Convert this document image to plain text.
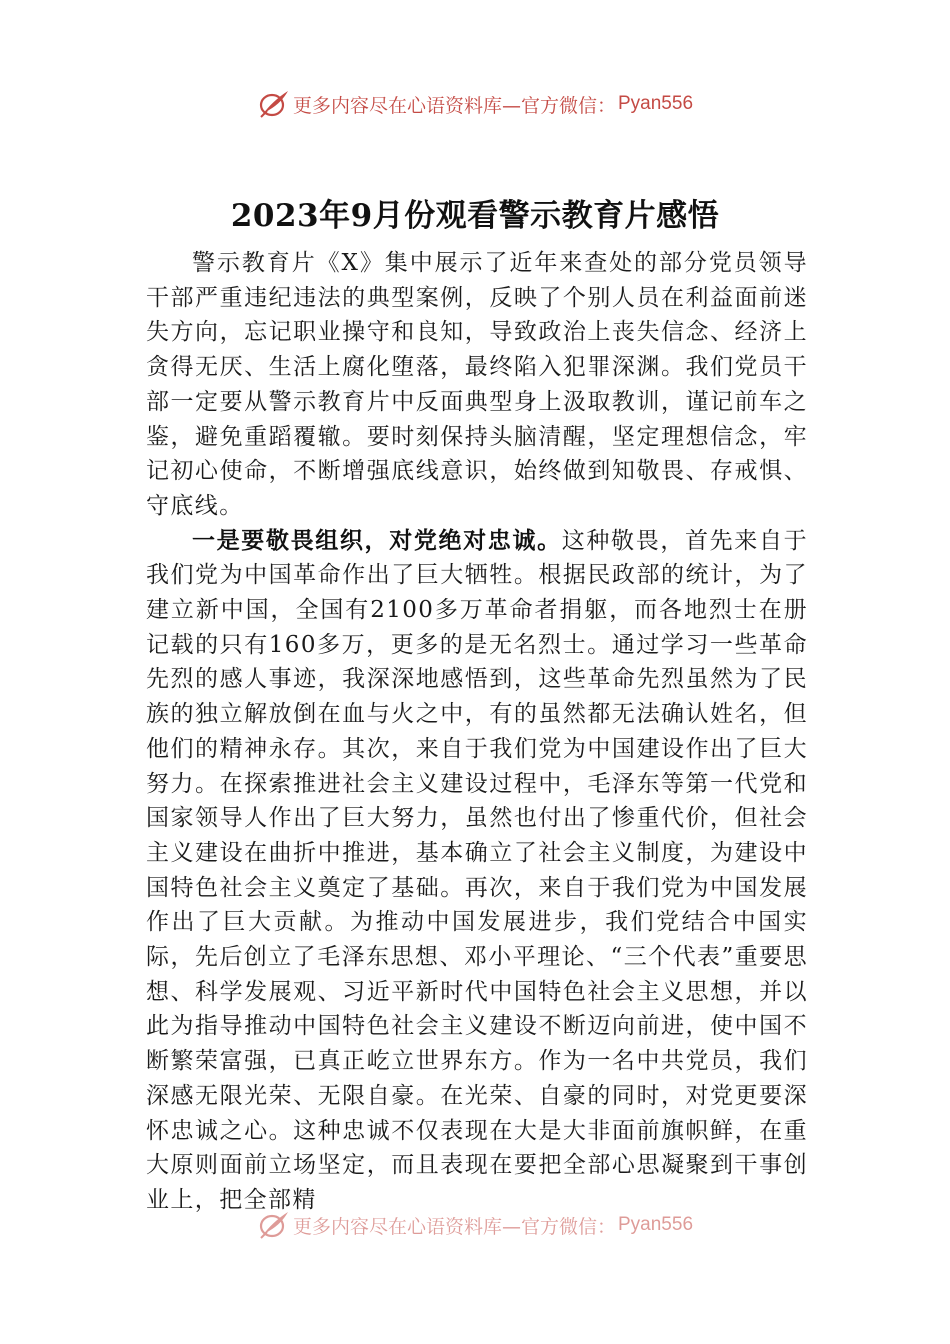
更多内容尽在心语资料库—官方微信： Pyan556
2023年9月份观看警示教育片感悟

警示教育片《X》集中展示了近年来查处的部分党员领导干部严重违纪违法的典型案例，反映了个别人员在利益面前迷失方向，忘记职业操守和良知，导致政治上丧失信念、经济上贪得无厌、生活上腐化堕落，最终陷入犯罪深渊。我们党员干部一定要从警示教育片中反面典型身上汲取教训，谨记前车之鉴，避免重蹈覆辙。要时刻保持头脑清醒，坚定理想信念，牢记初心使命，不断增强底线意识，始终做到知敬畏、存戒惧、守底线。

一是要敬畏组织，对党绝对忠诚。这种敬畏，首先来自于我们党为中国革命作出了巨大牺牲。根据民政部的统计，为了建立新中国，全国有2100多万革命者捐躯，而各地烈士在册记载的只有160多万，更多的是无名烈士。通过学习一些革命先烈的感人事迹，我深深地感悟到，这些革命先烈虽然为了民族的独立解放倒在血与火之中，有的虽然都无法确认姓名，但他们的精神永存。其次，来自于我们党为中国建设作出了巨大努力。在探索推进社会主义建设过程中，毛泽东等第一代党和国家领导人作出了巨大努力，虽然也付出了惨重代价，但社会主义建设在曲折中推进，基本确立了社会主义制度，为建设中国特色社会主义奠定了基础。再次，来自于我们党为中国发展作出了巨大贡献。为推动中国发展进步，我们党结合中国实际，先后创立了毛泽东思想、邓小平理论、“三个代表”重要思想、科学发展观、习近平新时代中国特色社会主义思想，并以此为指导推动中国特色社会主义建设不断迈向前进，使中国不断繁荣富强，已真正屹立世界东方。作为一名中共党员，我们深感无限光荣、无限自豪。在光荣、自豪的同时，对党更要深怀忠诚之心。这种忠诚不仅表现在大是大非面前旗帜鲜，在重大原则面前立场坚定，而且表现在要把全部心思凝聚到干事创业上，把全部精

更多内容尽在心语资料库—官方微信： Pyan556
